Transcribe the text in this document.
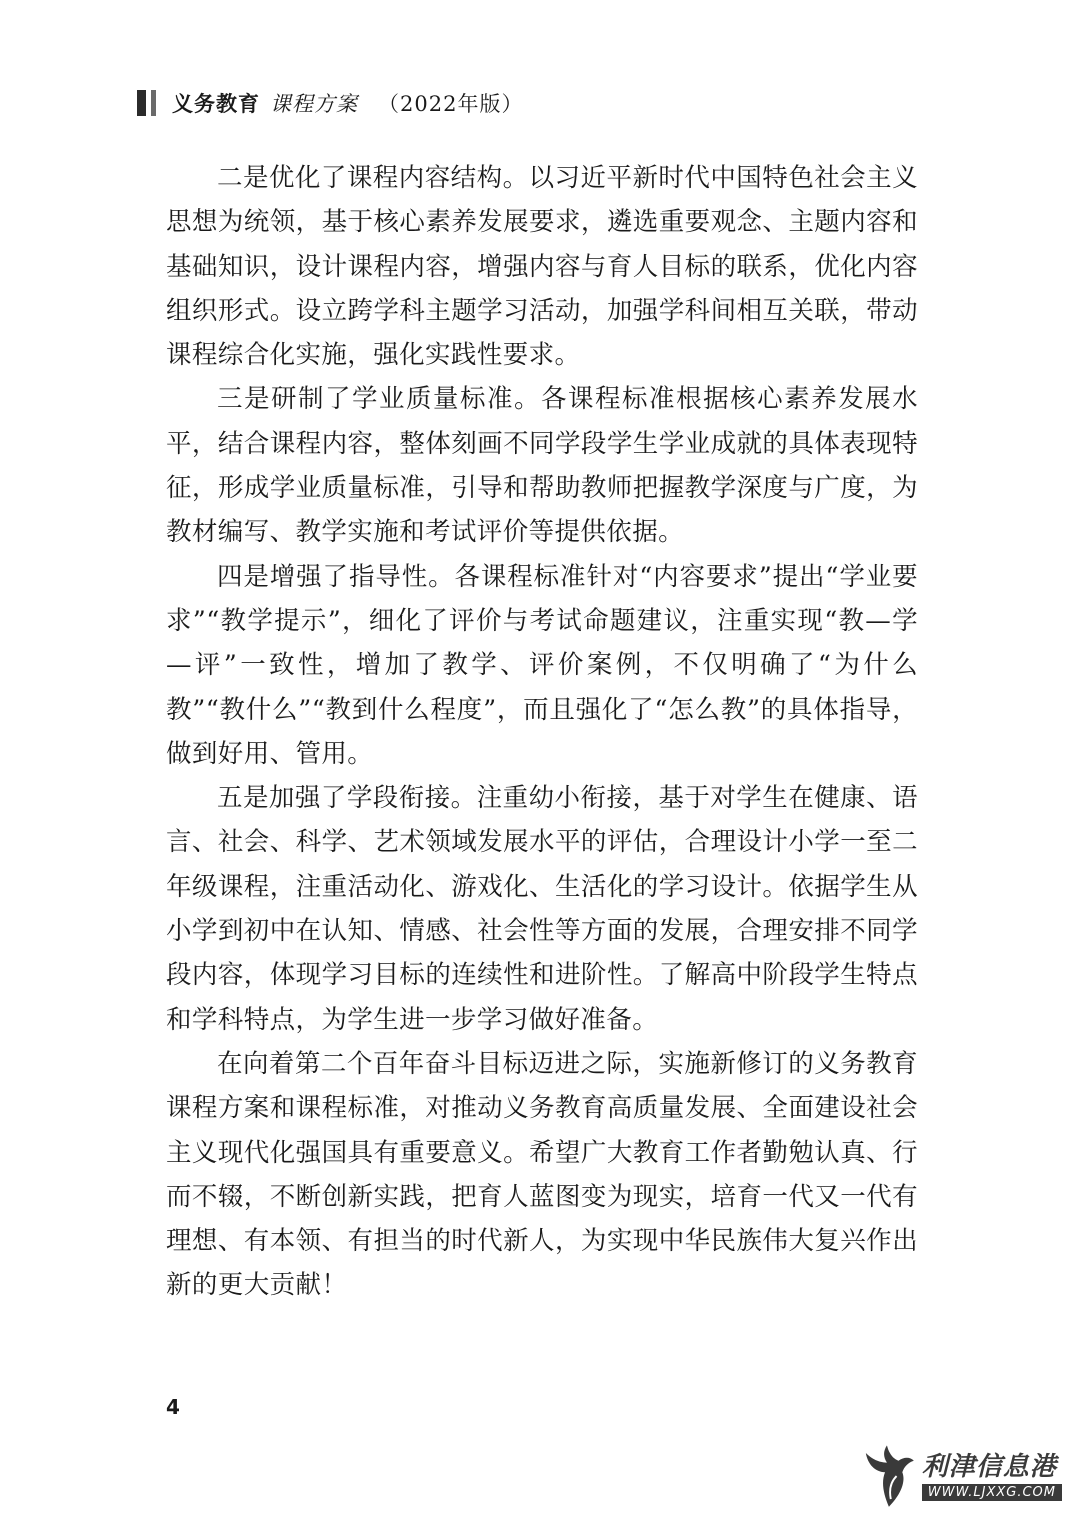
义务教育 课程方案 （2022年版）

二是优化了课程内容结构。以习近平新时代中国特色社会主义思想为统领，基于核心素养发展要求，遴选重要观念、主题内容和基础知识，设计课程内容，增强内容与育人目标的联系，优化内容组织形式。设立跨学科主题学习活动，加强学科间相互关联，带动课程综合化实施，强化实践性要求。

三是研制了学业质量标准。各课程标准根据核心素养发展水平，结合课程内容，整体刻画不同学段学生学业成就的具体表现特征，形成学业质量标准，引导和帮助教师把握教学深度与广度，为教材编写、教学实施和考试评价等提供依据。

四是增强了指导性。各课程标准针对“内容要求”提出“学业要求”“教学提示”，细化了评价与考试命题建议，注重实现“教—学—评”一致性，增加了教学、评价案例，不仅明确了“为什么教”“教什么”“教到什么程度”，而且强化了“怎么教”的具体指导，做到好用、管用。

五是加强了学段衔接。注重幼小衔接，基于对学生在健康、语言、社会、科学、艺术领域发展水平的评估，合理设计小学一至二年级课程，注重活动化、游戏化、生活化的学习设计。依据学生从小学到初中在认知、情感、社会性等方面的发展，合理安排不同学段内容，体现学习目标的连续性和进阶性。了解高中阶段学生特点和学科特点，为学生进一步学习做好准备。

在向着第二个百年奋斗目标迈进之际，实施新修订的义务教育课程方案和课程标准，对推动义务教育高质量发展、全面建设社会主义现代化强国具有重要意义。希望广大教育工作者勤勉认真、行而不辍，不断创新实践，把育人蓝图变为现实，培育一代又一代有理想、有本领、有担当的时代新人，为实现中华民族伟大复兴作出新的更大贡献！

4
利津信息港
WWW.LJXXG.COM
